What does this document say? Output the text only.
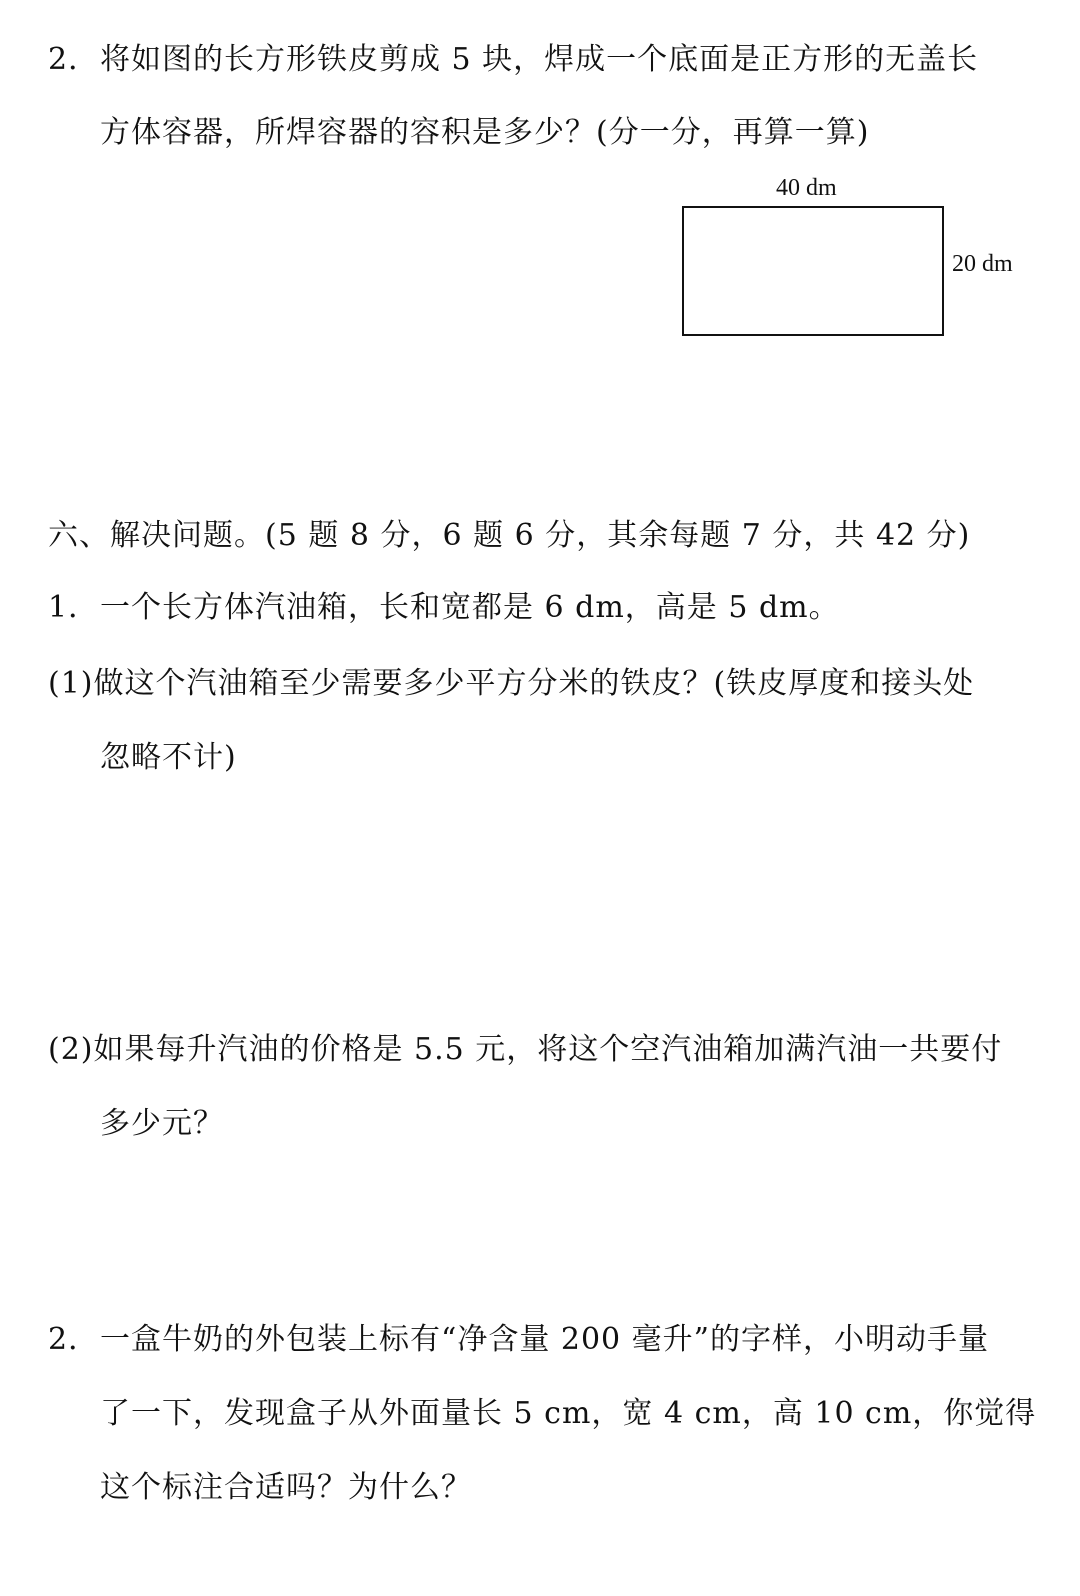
2． 将如图的长方形铁皮剪成 5 块，焊成一个底面是正方形的无盖长
方体容器，所焊容器的容积是多少？(分一分，再算一算)
40 dm
20 dm
六、解决问题。(5 题 8 分，6 题 6 分，其余每题 7 分，共 42 分)
1． 一个长方体汽油箱，长和宽都是 6 dm，高是 5 dm。
(1)做这个汽油箱至少需要多少平方分米的铁皮？(铁皮厚度和接头处
忽略不计)
(2)如果每升汽油的价格是 5.5 元，将这个空汽油箱加满汽油一共要付
多少元？
2． 一盒牛奶的外包装上标有“净含量 200 毫升”的字样，小明动手量
了一下，发现盒子从外面量长 5 cm，宽 4 cm，高 10 cm，你觉得
这个标注合适吗？为什么？
